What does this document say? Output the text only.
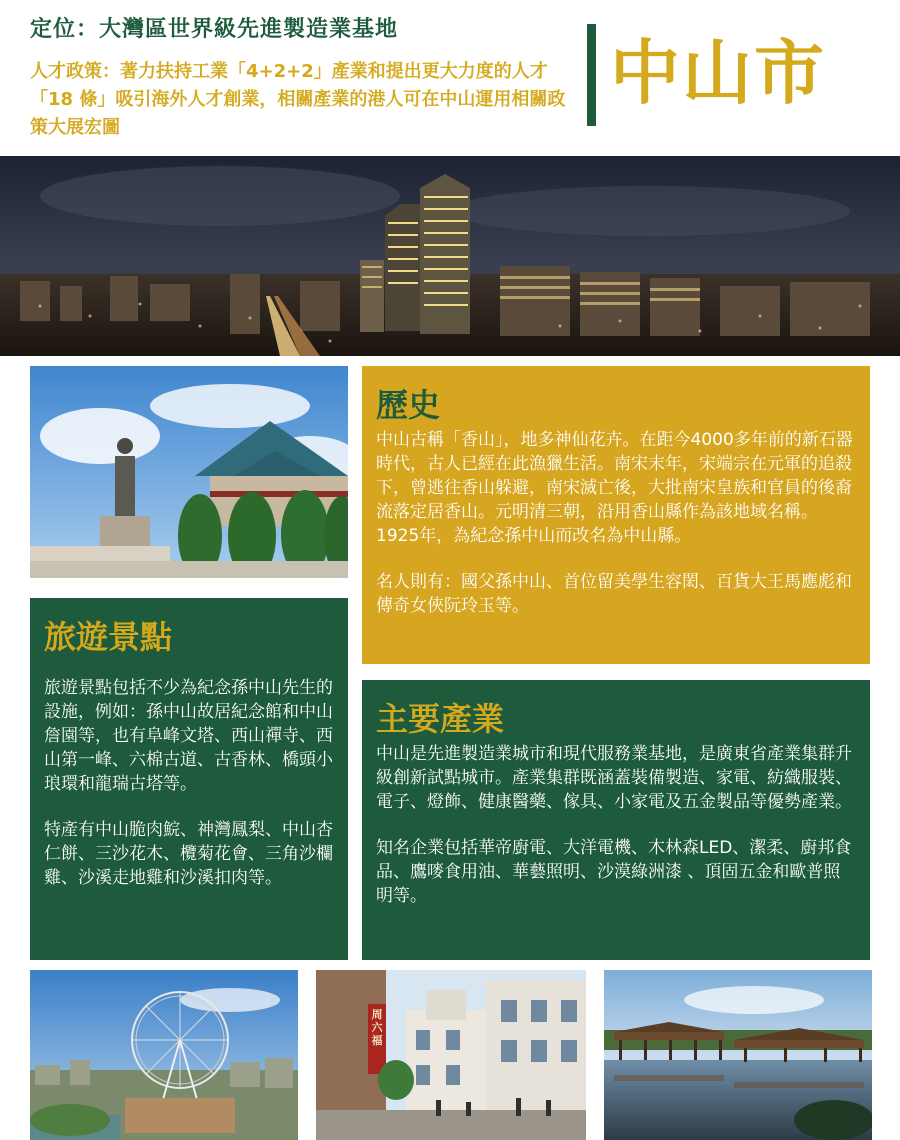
定位：大灣區世界級先進製造業基地
人才政策：著力扶持工業「4+2+2」產業和提出更大力度的人才「18 條」吸引海外人才創業，相關產業的港人可在中山運用相關政策大展宏圖
中山市
歷史

中山古稱「香山」，地多神仙花卉。在距今4000多年前的新石器時代，古人已經在此漁獵生活。南宋末年，宋端宗在元軍的追殺下，曾逃往香山躲避，南宋滅亡後，大批南宋皇族和官員的後裔流落定居香山。元明清三朝，沿用香山縣作為該地域名稱。1925年，為紀念孫中山而改名為中山縣。

名人則有：國父孫中山、首位留美學生容閎、百貨大王馬應彪和傳奇女俠阮玲玉等。

旅遊景點

旅遊景點包括不少為紀念孫中山先生的設施，例如：孫中山故居紀念館和中山詹園等，也有阜峰文塔、西山禪寺、西山第一峰、六棉古道、古香林、橋頭小琅環和龍瑞古塔等。

特產有中山脆肉鯇、神灣鳳梨、中山杏仁餅、三沙花木、欖菊花會、三角沙欄雞、沙溪走地雞和沙溪扣肉等。

主要產業

中山是先進製造業城市和現代服務業基地，是廣東省產業集群升級創新試點城市。產業集群既涵蓋裝備製造、家電、紡織服裝、電子、燈飾、健康醫藥、傢具、小家電及五金製品等優勢產業。

知名企業包括華帝廚電、大洋電機、木林森LED、潔柔、廚邦食品、鷹嘜食用油、華藝照明、沙漠綠洲漆 、頂固五金和歐普照明等。

周六福
